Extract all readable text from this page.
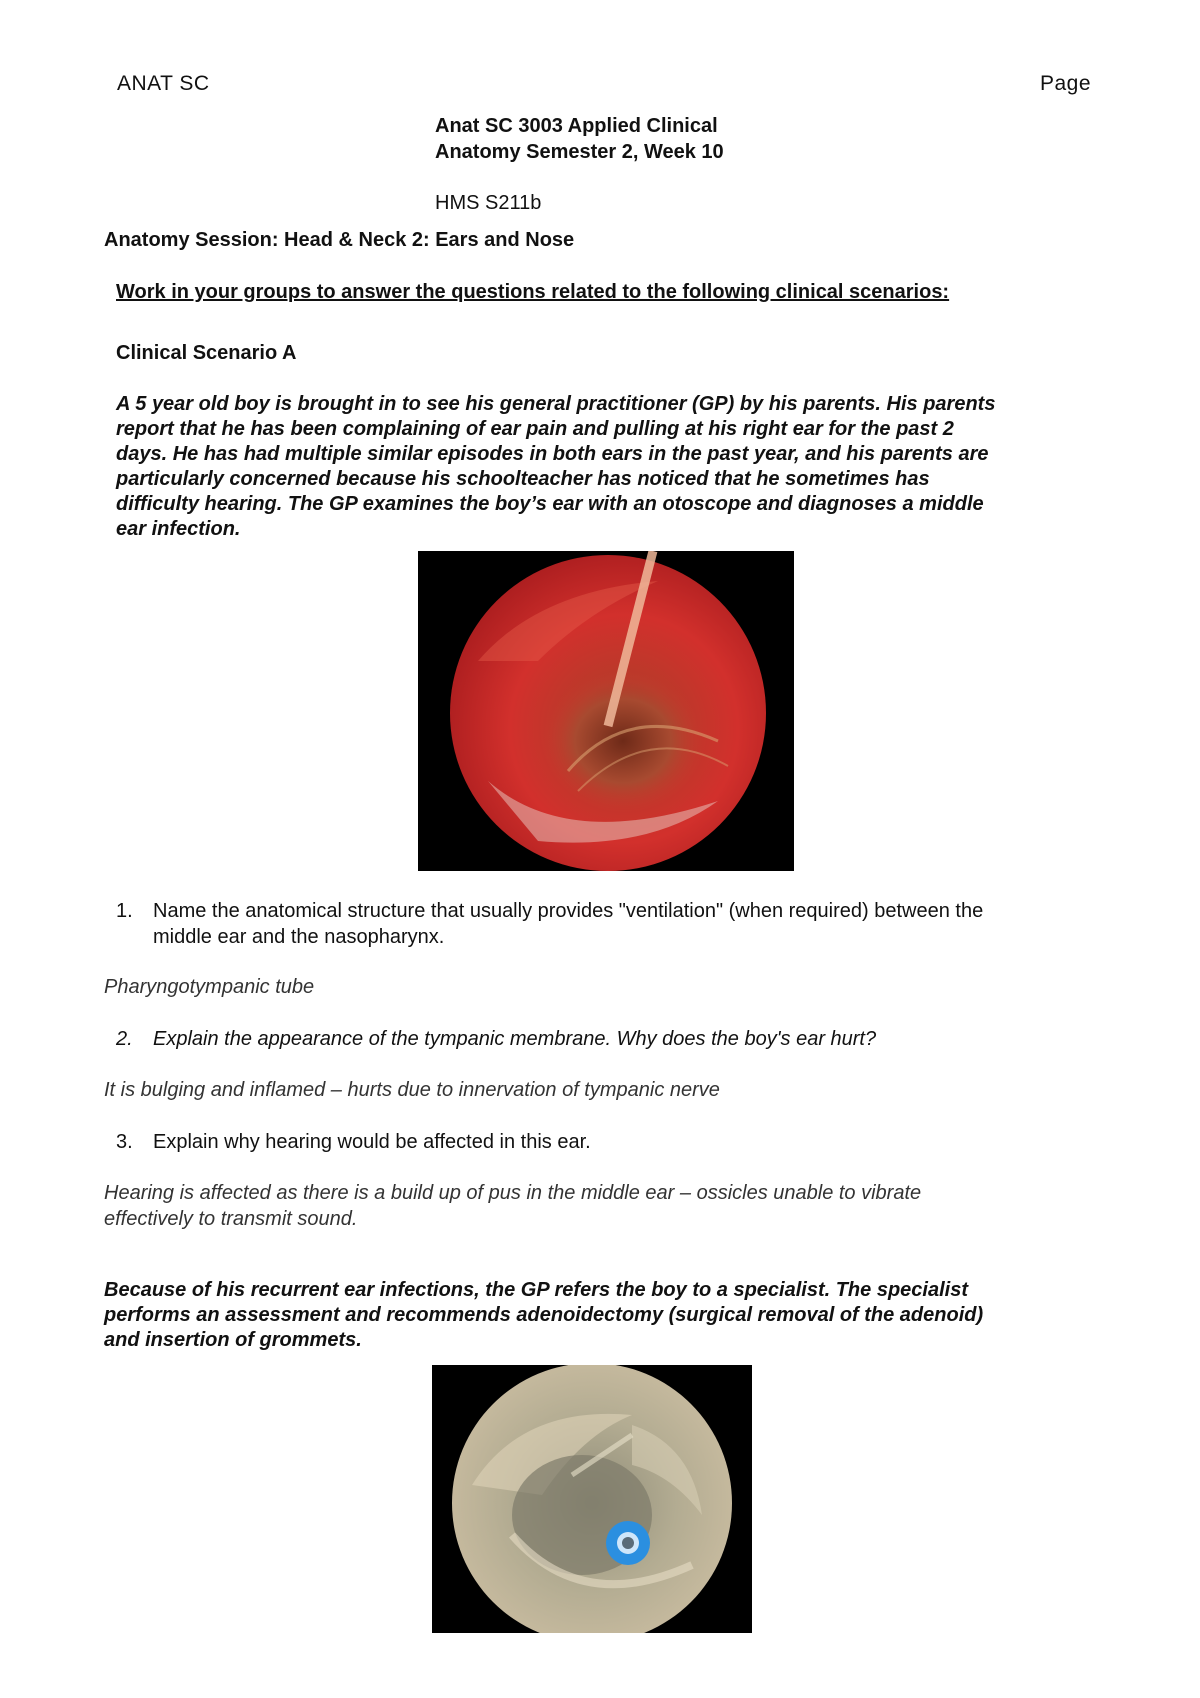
ANAT SC	Page
Anat SC 3003 Applied Clinical
Anatomy Semester 2, Week 10
HMS S211b
Anatomy Session: Head & Neck 2: Ears and Nose
Work in your groups to answer the questions related to the following clinical scenarios:
Clinical Scenario A
A 5 year old boy is brought in to see his general practitioner (GP) by his parents. His parents
report that he has been complaining of ear pain and pulling at his right ear for the past 2
days. He has had multiple similar episodes in both ears in the past year, and his parents are
particularly concerned because his schoolteacher has noticed that he sometimes has
difficulty hearing. The GP examines the boy’s ear with an otoscope and diagnoses a middle
ear infection.
1. Name the anatomical structure that usually provides "ventilation" (when required) between the
middle ear and the nasopharynx.
Pharyngotympanic tube
2. Explain the appearance of the tympanic membrane. Why does the boy's ear hurt?
It is bulging and inflamed – hurts due to innervation of tympanic nerve
3. Explain why hearing would be affected in this ear.
Hearing is affected as there is a build up of pus in the middle ear – ossicles unable to vibrate
effectively to transmit sound.
Because of his recurrent ear infections, the GP refers the boy to a specialist. The specialist
performs an assessment and recommends adenoidectomy (surgical removal of the adenoid)
and insertion of grommets.
